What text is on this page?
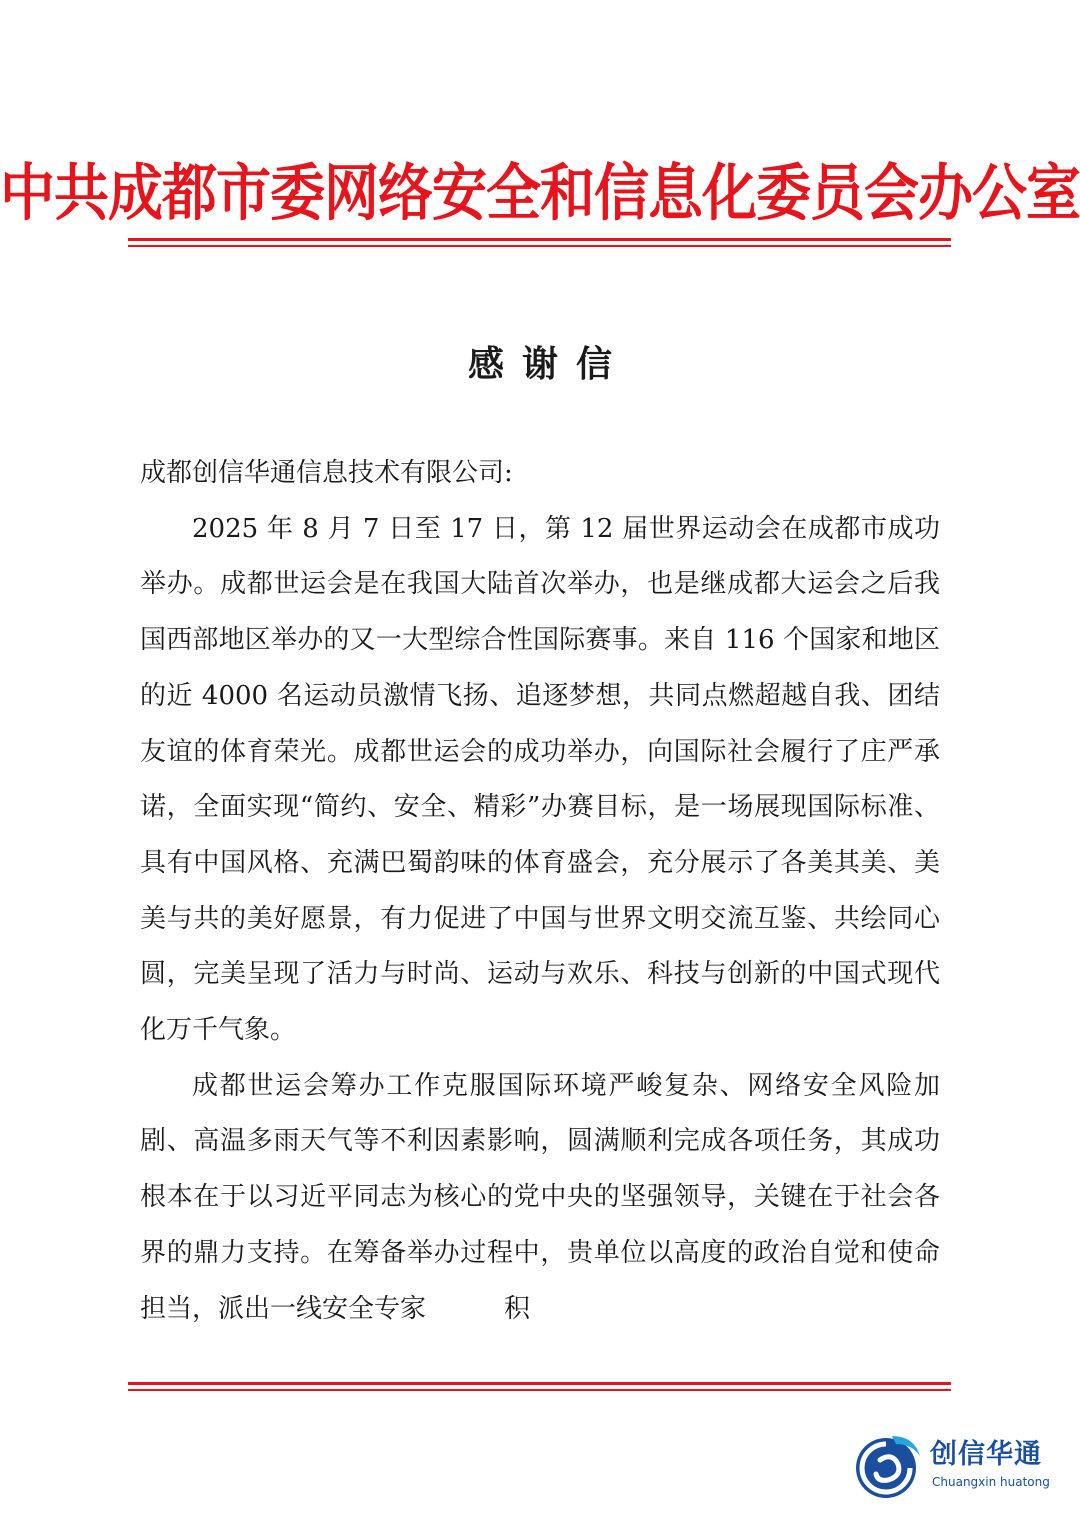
中共成都市委网络安全和信息化委员会办公室
感谢信

成都创信华通信息技术有限公司:

2025 年 8 月 7 日至 17 日，第 12 届世界运动会在成都市成功举办。成都世运会是在我国大陆首次举办，也是继成都大运会之后我国西部地区举办的又一大型综合性国际赛事。来自 116 个国家和地区的近 4000 名运动员激情飞扬、追逐梦想，共同点燃超越自我、团结友谊的体育荣光。成都世运会的成功举办，向国际社会履行了庄严承诺，全面实现“简约、安全、精彩”办赛目标，是一场展现国际标准、具有中国风格、充满巴蜀韵味的体育盛会，充分展示了各美其美、美美与共的美好愿景，有力促进了中国与世界文明交流互鉴、共绘同心圆，完美呈现了活力与时尚、运动与欢乐、科技与创新的中国式现代化万千气象。

成都世运会筹办工作克服国际环境严峻复杂、网络安全风险加剧、高温多雨天气等不利因素影响，圆满顺利完成各项任务，其成功根本在于以习近平同志为核心的党中央的坚强领导，关键在于社会各界的鼎力支持。在筹备举办过程中，贵单位以高度的政治自觉和使命担当，派出一线安全专家　　　积

创信华通
Chuangxin huatong
